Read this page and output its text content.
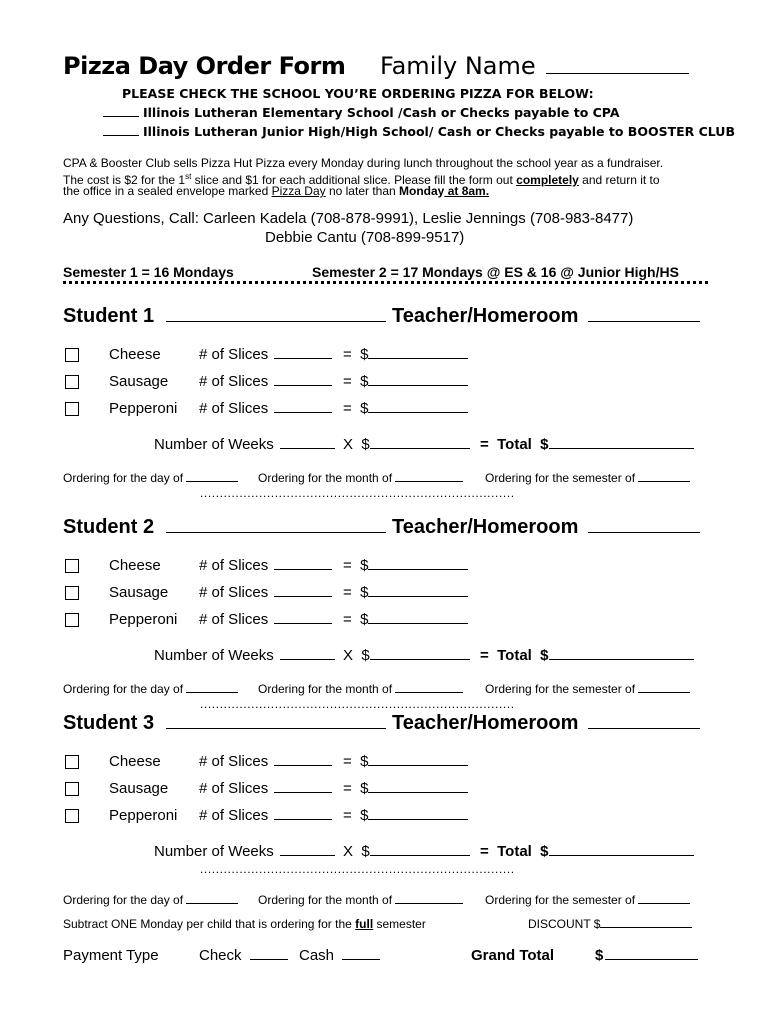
Pizza Day Order Form Family Name
PLEASE CHECK THE SCHOOL YOU’RE ORDERING PIZZA FOR BELOW:
Illinois Lutheran Elementary School /Cash or Checks payable to CPA
Illinois Lutheran Junior High/High School/ Cash or Checks payable to BOOSTER CLUB
CPA & Booster Club sells Pizza Hut Pizza every Monday during lunch throughout the school year as a fundraiser.
The cost is $2 for the 1st slice and $1 for each additional slice. Please fill the form out completely and return it to
the office in a sealed envelope marked Pizza Day no later than Monday at 8am.
Any Questions, Call: Carleen Kadela (708-878-9991), Leslie Jennings (708-983-8477)
Debbie Cantu (708-899-9517)
Semester 1 = 16 Mondays	Semester 2 = 17 Mondays @ ES & 16 @ Junior High/HS
Student 1	Teacher/Homeroom
Cheese	# of Slices	= $
Sausage # of Slices	= $
Pepperoni # of Slices	= $
Number of Weeks	X $	= Total $
Ordering for the day of	Ordering for the month of	Ordering for the semester of
................................................................................
Student 2	Teacher/Homeroom
Cheese	# of Slices	= $
Sausage # of Slices	= $
Pepperoni # of Slices	= $
Number of Weeks	X $	= Total $
Ordering for the day of	Ordering for the month of	Ordering for the semester of
................................................................................
Student 3	Teacher/Homeroom
Cheese	# of Slices	= $
Sausage # of Slices	= $
Pepperoni # of Slices	= $
Number of Weeks	X $	= Total $
Ordering for the day of	Ordering for the month of	Ordering for the semester of
................................................................................
Subtract ONE Monday per child that is ordering for the full semester	DISCOUNT $
Payment Type	Check	Cash	Grand Total	$
